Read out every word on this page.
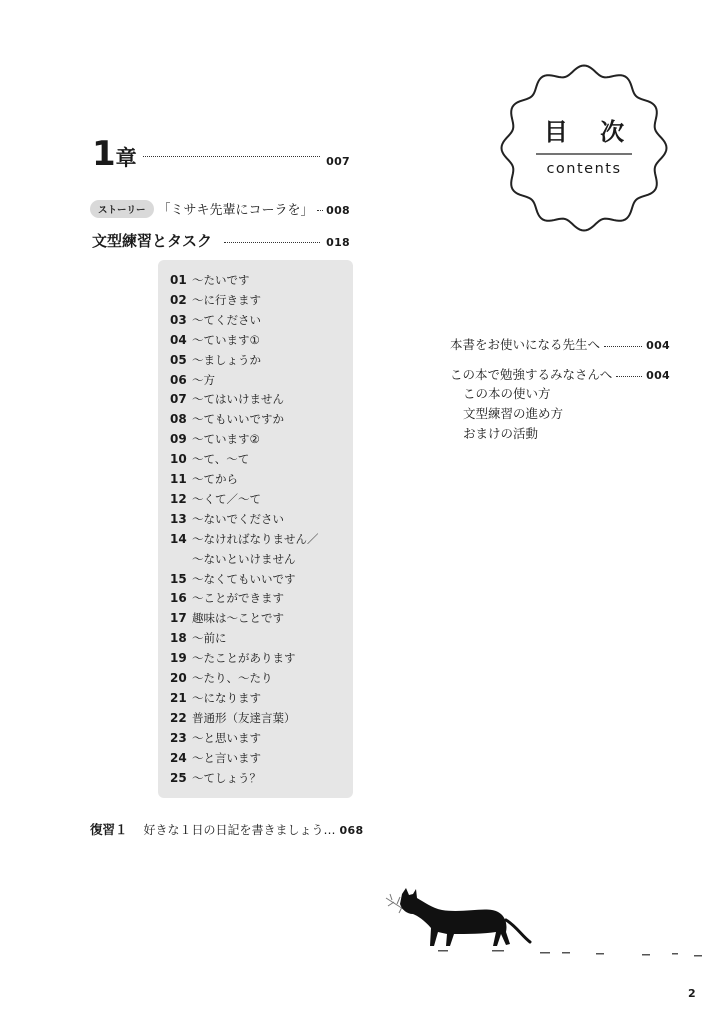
目 次
contents
1 章	007
ストーリー 「ミサキ先輩にコーラを」 008
文型練習とタスク	018
01 〜たいです
02 〜に行きます
03 〜てください
04 〜ています①
05 〜ましょうか
06 〜方
07 〜てはいけません
08 〜てもいいですか
09 〜ています②
10 〜て、〜て
11 〜てから
12 〜くて／〜て
13 〜ないでください
14 〜なければなりません／
〜ないといけません
15 〜なくてもいいです
16 〜ことができます
17 趣味は〜ことです
18 〜前に
19 〜たことがあります
20 〜たり、〜たり
21 〜になります
22 普通形（友達言葉）
23 〜と思います
24 〜と言います
25 〜てしょう？
復習１ 好きな１日の日記を書きましょう… 068
本書をお使いになる先生へ	004
この本で勉強するみなさんへ	004
この本の使い方
文型練習の進め方
おまけの活動
2
